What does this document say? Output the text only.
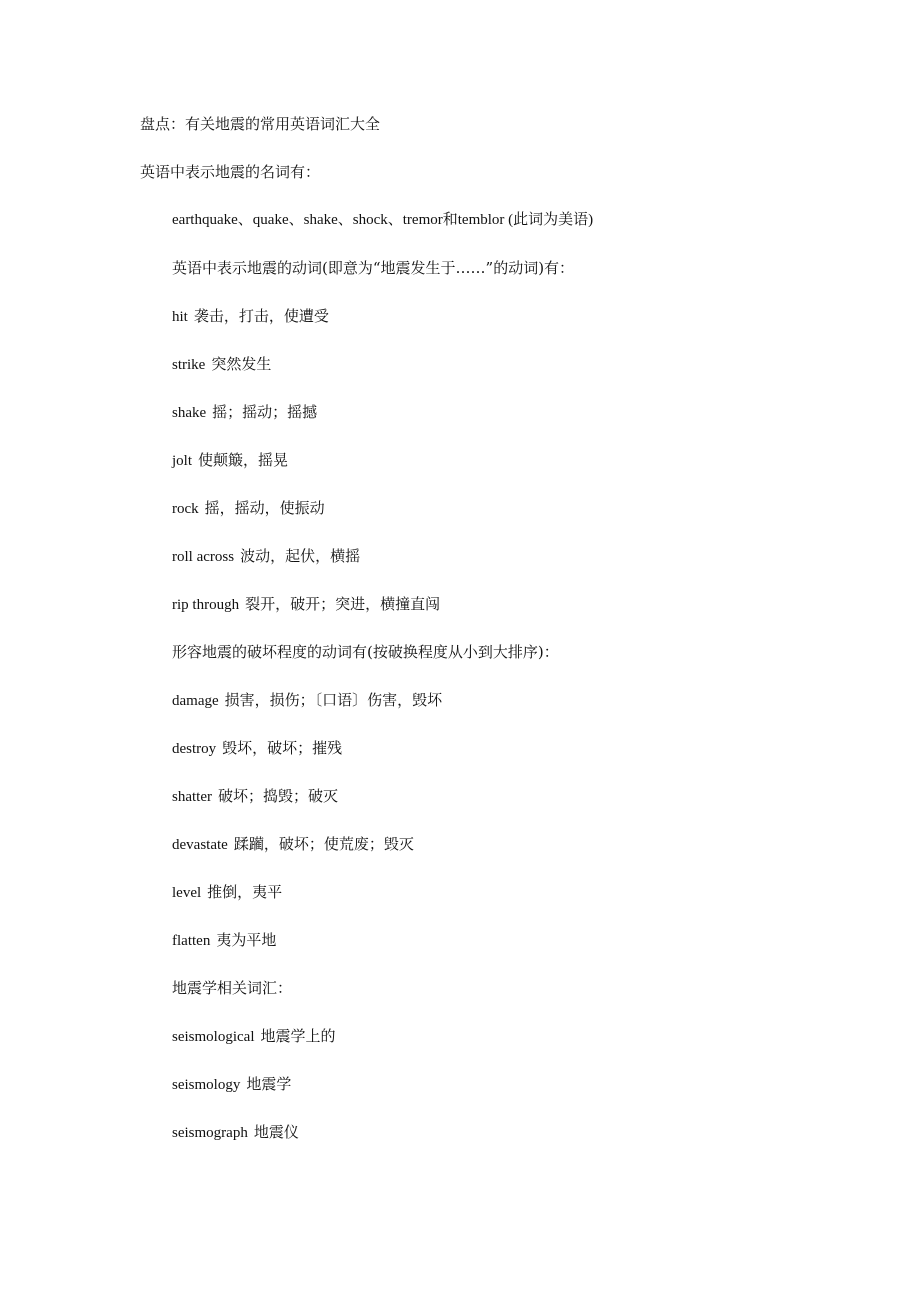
盘点：有关地震的常用英语词汇大全
英语中表示地震的名词有：
earthquake、quake、shake、shock、tremor和temblor (此词为美语)
英语中表示地震的动词(即意为“地震发生于……”的动词)有：
hit 袭击，打击，使遭受
strike 突然发生
shake 摇；摇动；摇撼
jolt 使颠簸，摇晃
rock 摇，摇动，使振动
roll across 波动，起伏，横摇
rip through 裂开，破开；突进，横撞直闯
形容地震的破坏程度的动词有(按破换程度从小到大排序)：
damage 损害，损伤；〔口语〕伤害，毁坏
destroy 毁坏，破坏；摧残
shatter 破坏；捣毁；破灭
devastate 蹂躏，破坏；使荒废；毁灭
level 推倒，夷平
flatten 夷为平地
地震学相关词汇：
seismological 地震学上的
seismology 地震学
seismograph 地震仪
